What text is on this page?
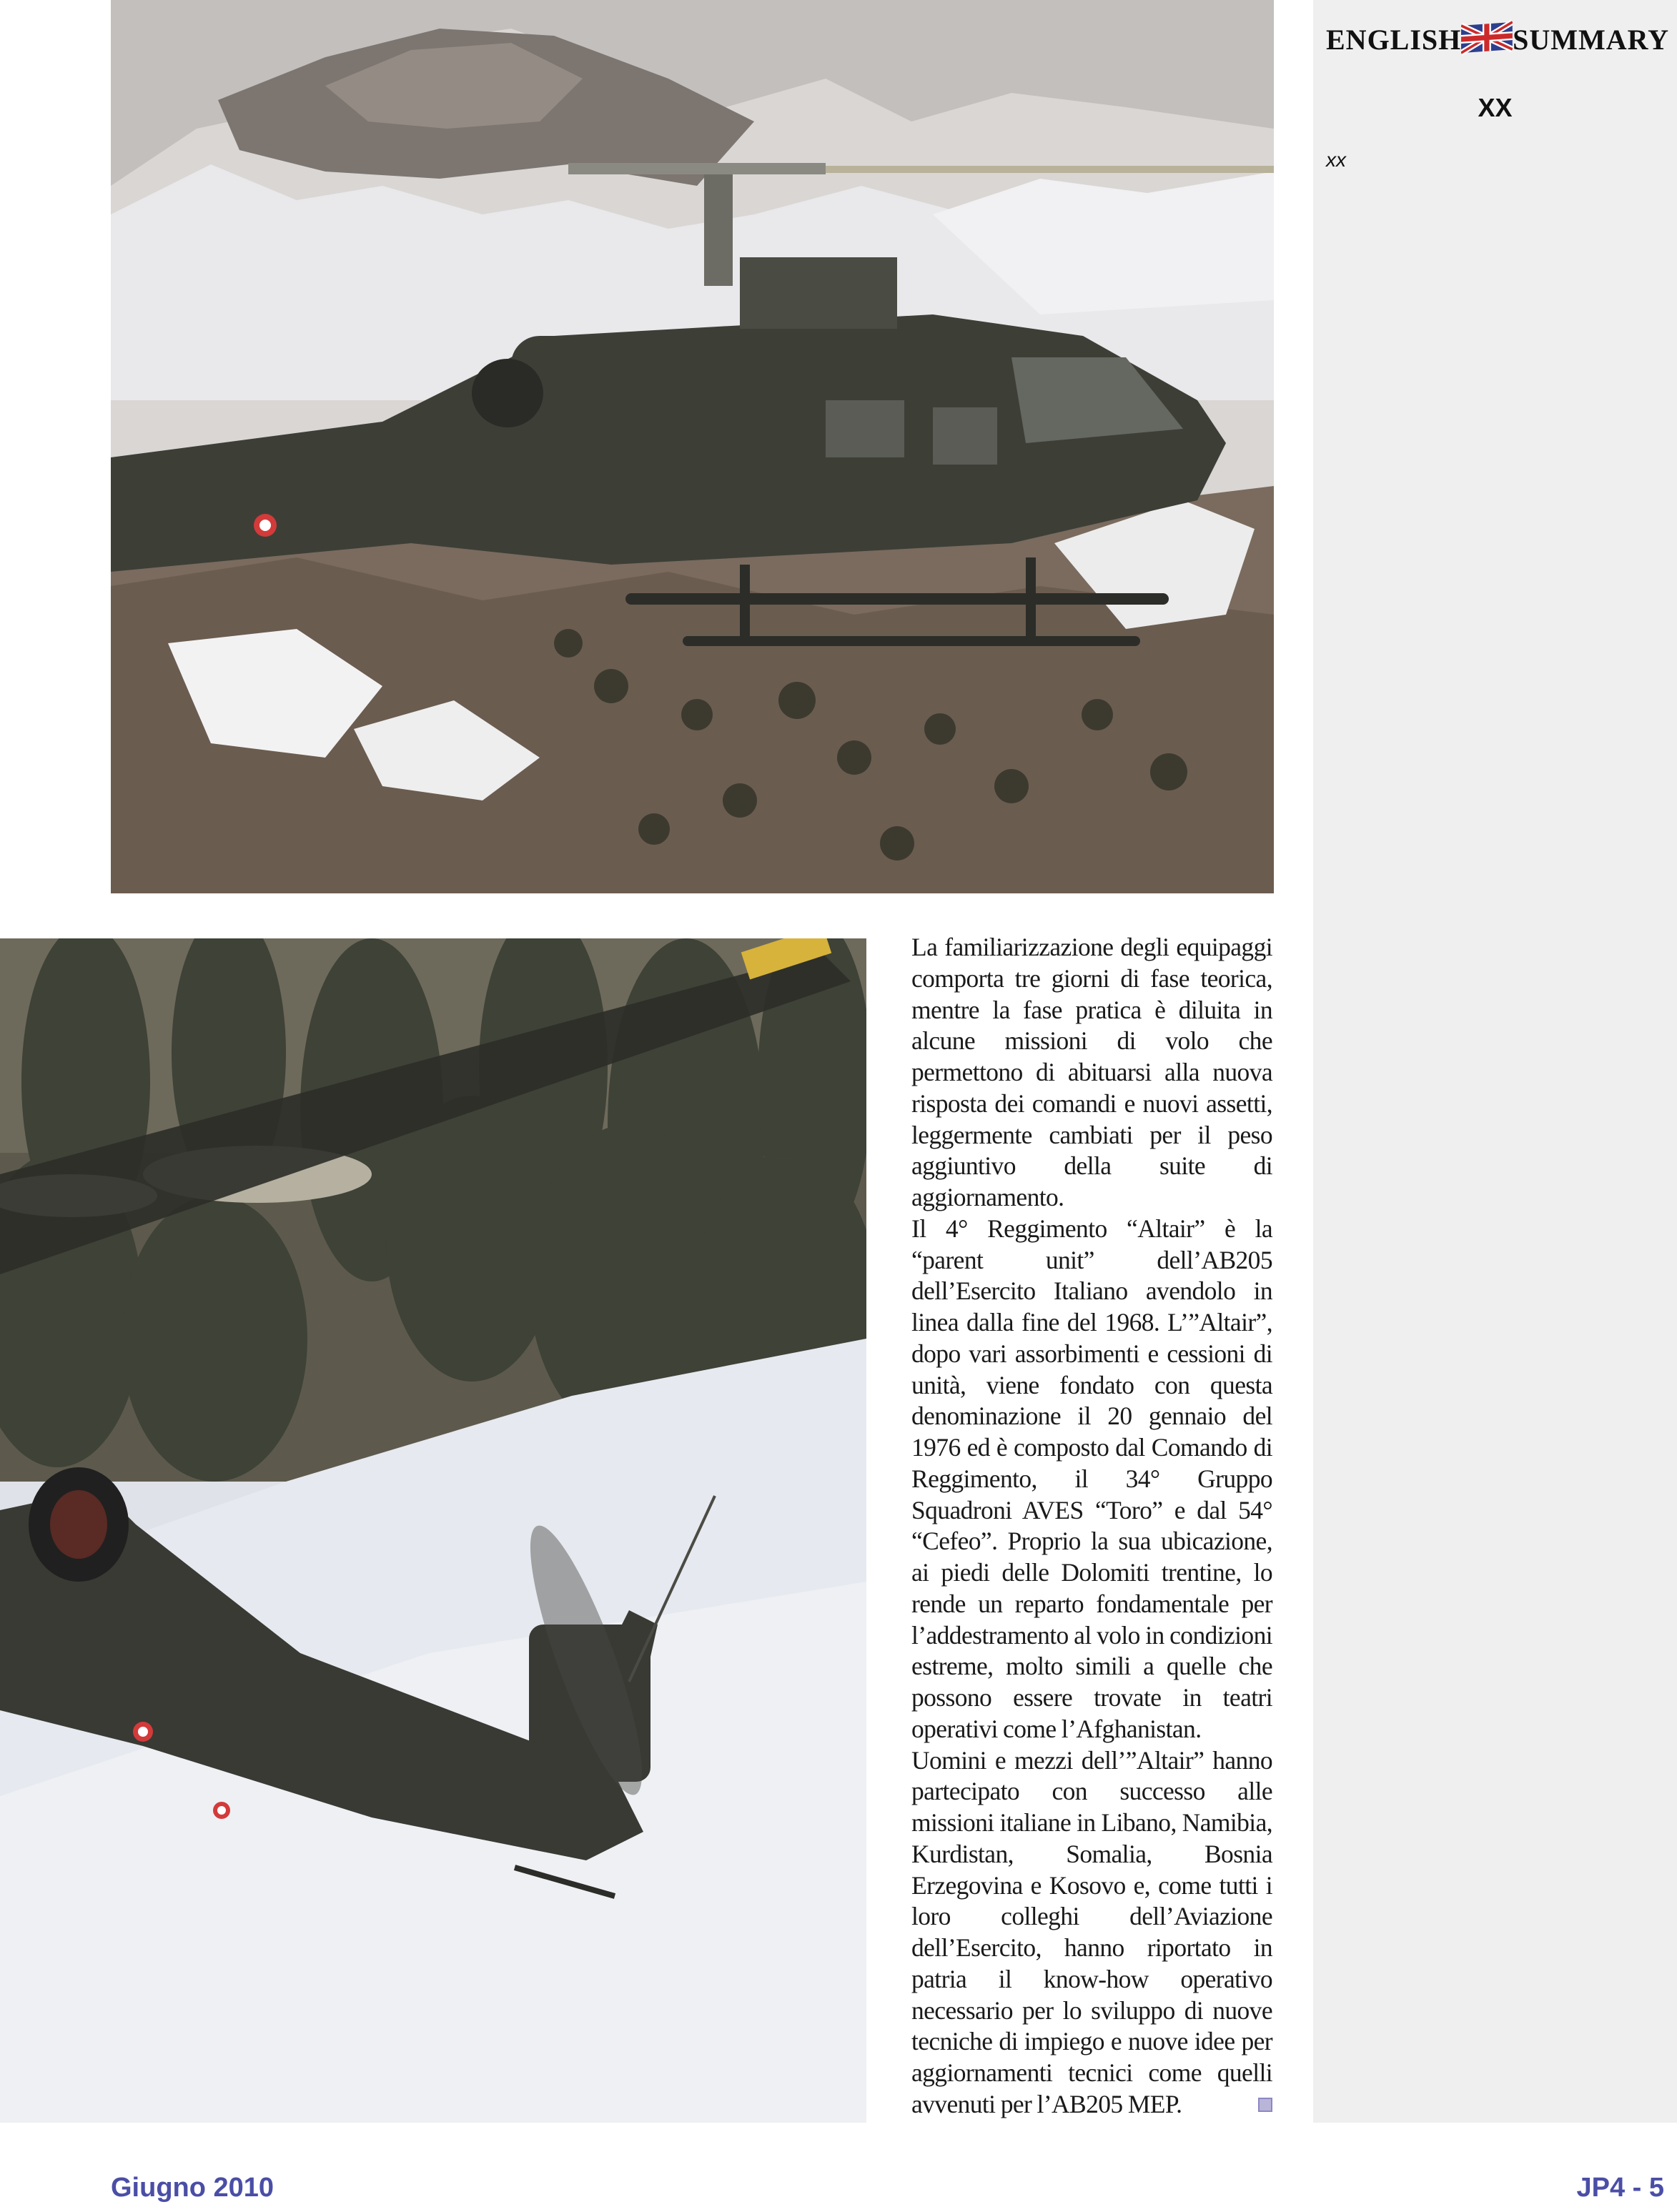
ENGLISH SUMMARY
XX
xx

La familiarizzazione degli equipaggi comporta tre giorni di fase teorica, mentre la fase pratica è diluita in alcune missioni di volo che permettono di abituarsi alla nuova risposta dei comandi e nuovi assetti, leggermente cambiati per il peso aggiuntivo della suite di aggiornamento.

Il 4° Reggimento “Altair” è la “parent unit” dell’AB205 dell’Esercito Italiano avendolo in linea dalla fine del 1968. L’”Altair”, dopo vari assorbimenti e cessioni di unità, viene fondato con questa denominazione il 20 gennaio del 1976 ed è composto dal Comando di Reggimento, il 34° Gruppo Squadroni AVES “Toro” e dal 54° “Cefeo”. Proprio la sua ubicazione, ai piedi delle Dolomiti trentine, lo rende un reparto fondamentale per l’addestramento al volo in condizioni estreme, molto simili a quelle che possono essere trovate in teatri operativi come l’Afghanistan.

Uomini e mezzi dell’”Altair” hanno partecipato con successo alle missioni italiane in Libano, Namibia, Kurdistan, Somalia, Bosnia Erzegovina e Kosovo e, come tutti i loro colleghi dell’Aviazione dell’Esercito, hanno riportato in patria il know-how operativo necessario per lo sviluppo di nuove tecniche di impiego e nuove idee per aggiornamenti tecnici come quelli avvenuti per l’AB205 MEP.

Giugno 2010	JP4 - 5
